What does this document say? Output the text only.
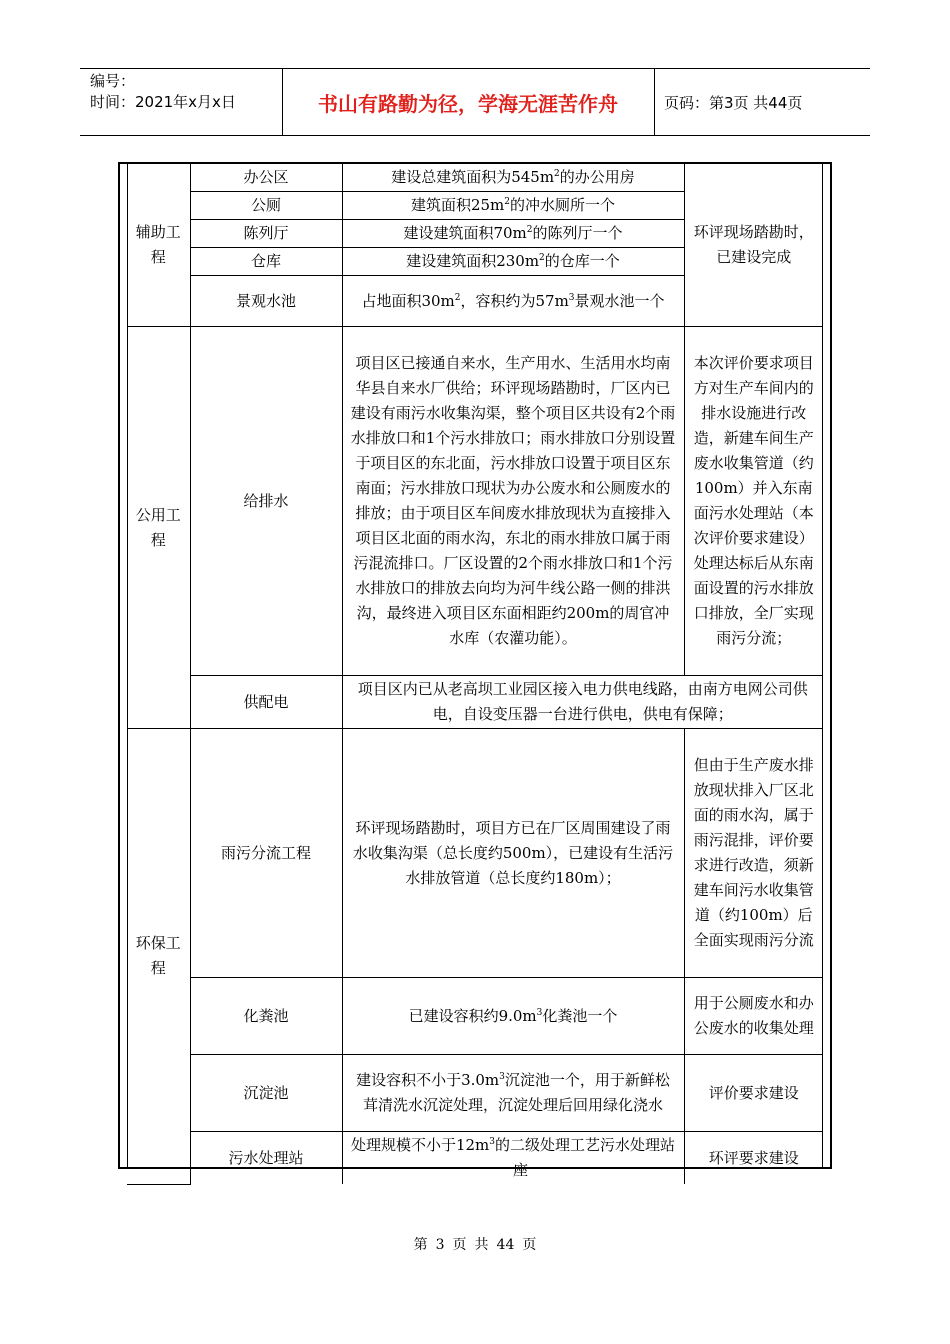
编号：
时间：2021年x月x日	书山有路勤为径，学海无涯苦作舟	页码：第3页 共44页
辅助工程	办公区	建设总建筑面积为$545m^2$的办公用房	环评现场踏勘时，已建设完成
	公厕	建筑面积$25m^2$的冲水厕所一个	
	陈列厅	建设建筑面积$70m^2$的陈列厅一个	
	仓库	建设建筑面积$230m^2$的仓库一个	
	景观水池	占地面积$30m^2$，容积约为$57m^3$景观水池一个	
公用工程	给排水	项目区已接通自来水，生产用水、生活用水均南华县自来水厂供给；环评现场踏勘时，厂区内已建设有雨污水收集沟渠，整个项目区共设有2个雨水排放口和1个污水排放口；雨水排放口分别设置于项目区的东北面，污水排放口设置于项目区东南面；污水排放口现状为办公废水和公厕废水的排放；由于项目区车间废水排放现状为直接排入项目区北面的雨水沟，东北的雨水排放口属于雨污混流排口。厂区设置的2个雨水排放口和1个污水排放口的排放去向均为河牛线公路一侧的排洪沟，最终进入项目区东面相距约200m的周官冲水库（农灌功能）。	本次评价要求项目方对生产车间内的排水设施进行改造，新建车间生产废水收集管道（约100m）并入东南面污水处理站（本次评价要求建设）处理达标后从东南面设置的污水排放口排放，全厂实现雨污分流；
	供配电	项目区内已从老高坝工业园区接入电力供电线路，由南方电网公司供电，自设变压器一台进行供电，供电有保障；	
环保工程	雨污分流工程	环评现场踏勘时，项目方已在厂区周围建设了雨水收集沟渠（总长度约500m），已建设有生活污水排放管道（总长度约180m）；	但由于生产废水排放现状排入厂区北面的雨水沟，属于雨污混排，评价要求进行改造，须新建车间污水收集管道（约100m）后全面实现雨污分流
	化粪池	已建设容积约$9.0m^3$化粪池一个	用于公厕废水和办公废水的收集处理
	沉淀池	建设容积不小于$3.0m^3$沉淀池一个，用于新鲜松茸清洗水沉淀处理，沉淀处理后回用绿化浇水	评价要求建设
	污水处理站	处理规模不小于$12m^3$的二级处理工艺污水处理站一座	环评要求建设
第 3 页 共 44 页
